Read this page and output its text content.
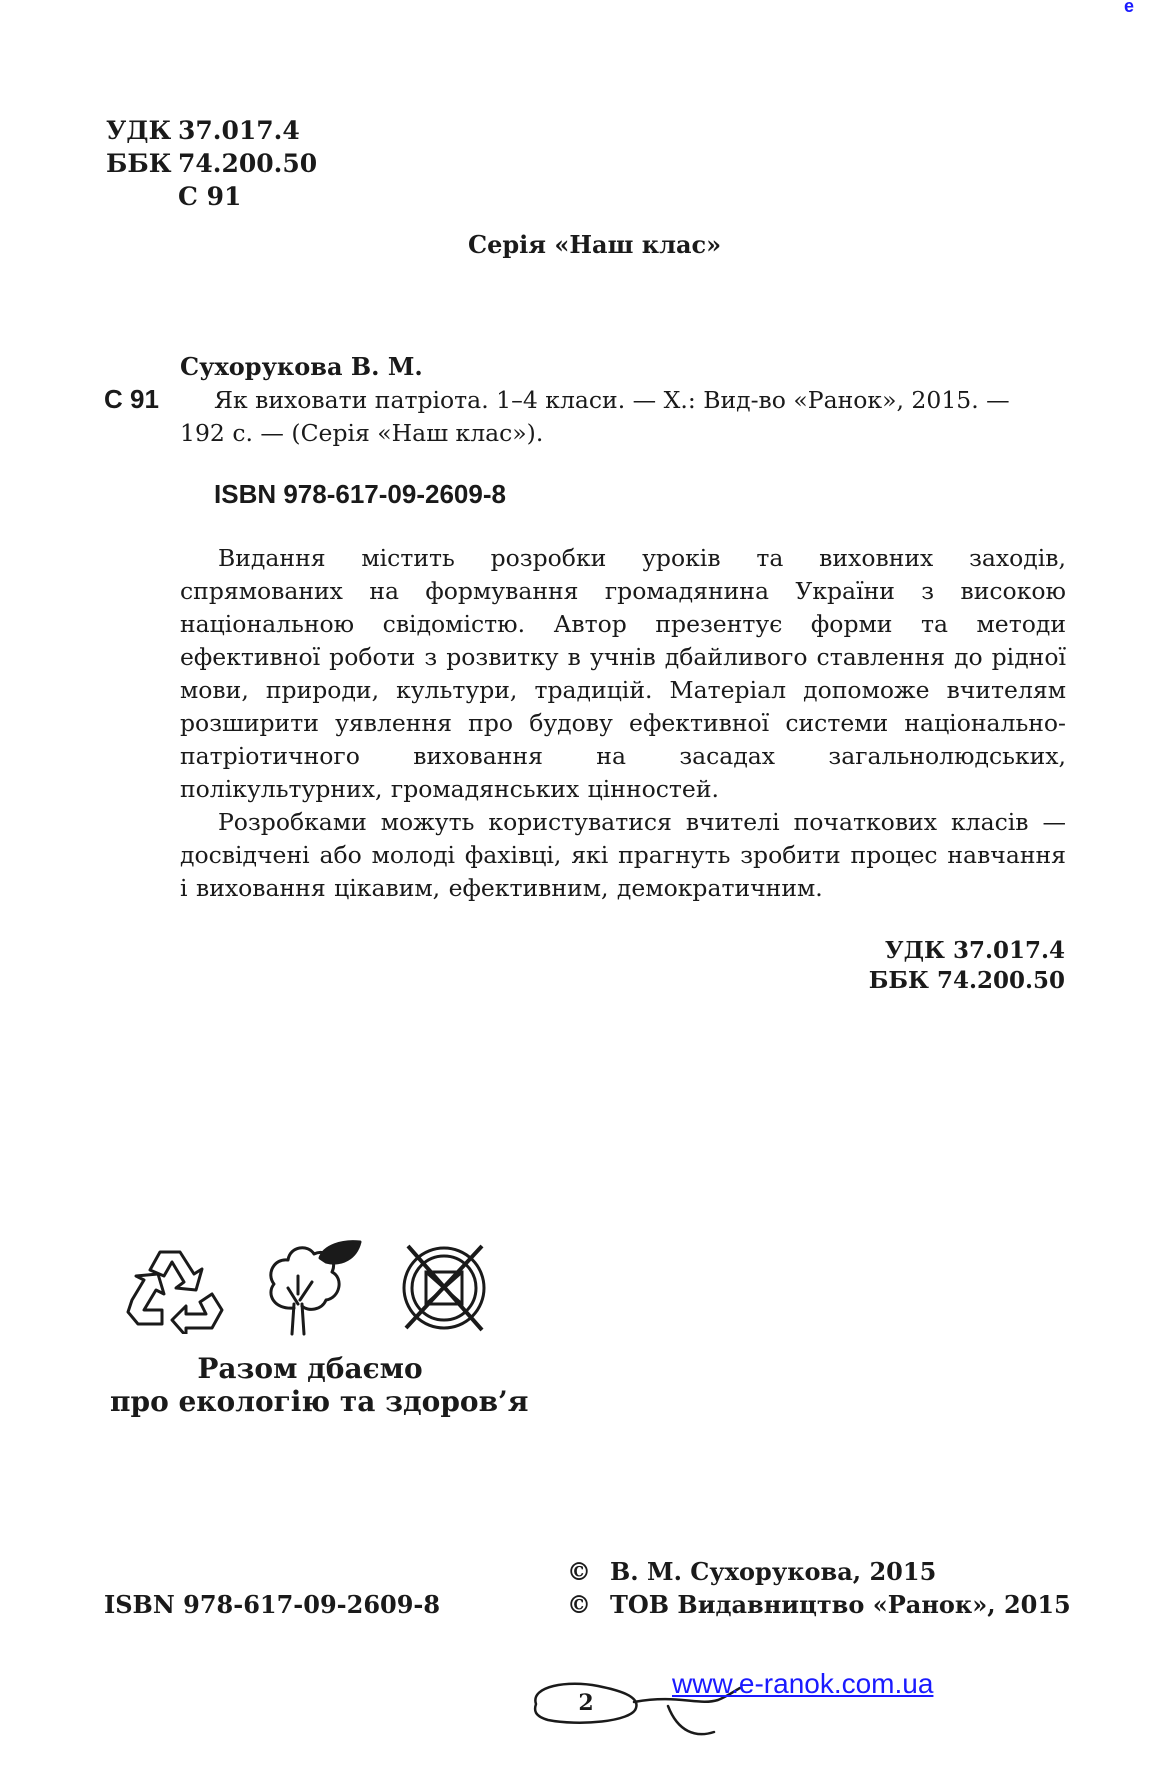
e
УДК 37.017.4
ББК 74.200.50
С 91
Серія «Наш клас»
Сухорукова В. М.
С 91 Як виховати патріота. 1–4 класи. — Х.: Вид-во «Ранок», 2015. —
192 с. — (Серія «Наш клас»).
ISBN 978-617-09-2609-8

Видання містить розробки уроків та виховних заходів, спрямованих на формування громадянина України з високою національною свідомістю. Автор презентує форми та методи ефективної роботи з розвитку в учнів дбайливого ставлення до рідної мови, природи, культури, традицій. Матеріал допоможе вчителям розширити уявлення про будову ефективної системи національно-патріотичного виховання на засадах загальнолюдських, полікультурних, громадянських цінностей.

Розробками можуть користуватися вчителі початкових класів — досвідчені або молоді фахівці, які прагнуть зробити процес навчання і виховання цікавим, ефективним, демократичним.

УДК 37.017.4
ББК 74.200.50
Разом дбаємо
про екологію та здоров’я
ISBN 978-617-09-2609-8
© В. М. Сухорукова, 2015
© ТОВ Видавництво «Ранок», 2015
2
www.e-ranok.com.ua
